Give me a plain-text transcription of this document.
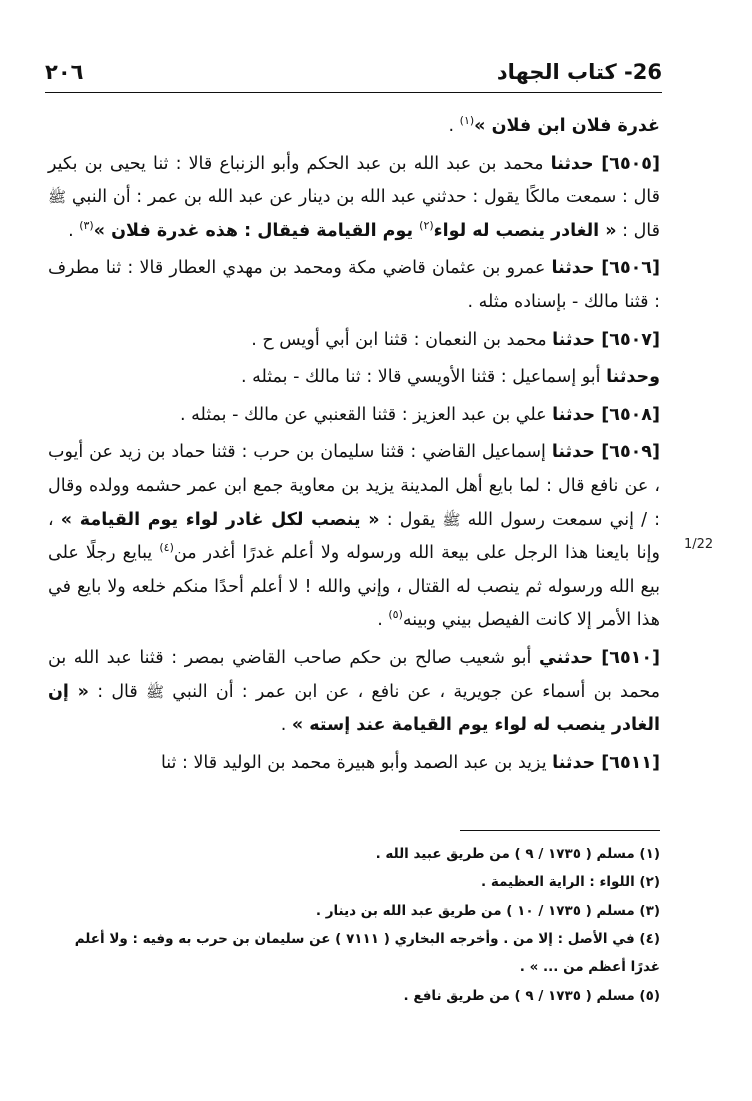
٢٠٦	26- كتاب الجهاد
1/22

غدرة فلان ابن فلان »$^{(١)}$ .

[٦٥٠٥] حدثنا محمد بن عبد الله بن عبد الحكم وأبو الزنباع قالا : ثنا يحيى بن بكير قال : سمعت مالكًا يقول : حدثني عبد الله بن دينار عن عبد الله بن عمر : أن النبي ﷺ قال : « الغادر ينصب له لواء$^{(٢)}$ يوم القيامة فيقال : هذه غدرة فلان »$^{(٣)}$ .

[٦٥٠٦] حدثنا عمرو بن عثمان قاضي مكة ومحمد بن مهدي العطار قالا : ثنا مطرف : قثنا مالك - بإسناده مثله .

[٦٥٠٧] حدثنا محمد بن النعمان : قثنا ابن أبي أويس ح .

وحدثنا أبو إسماعيل : قثنا الأويسي قالا : ثنا مالك - بمثله .

[٦٥٠٨] حدثنا علي بن عبد العزيز : قثنا القعنبي عن مالك - بمثله .

[٦٥٠٩] حدثنا إسماعيل القاضي : قثنا سليمان بن حرب : قثنا حماد بن زيد عن أيوب ، عن نافع قال : لما بايع أهل المدينة يزيد بن معاوية جمع ابن عمر حشمه وولده وقال : / إني سمعت رسول الله ﷺ يقول : « ينصب لكل غادر لواء يوم القيامة » ، وإنا بايعنا هذا الرجل على بيعة الله ورسوله ولا أعلم غدرًا أغدر من$^{(٤)}$ يبايع رجلًا على بيع الله ورسوله ثم ينصب له القتال ، وإني والله ! لا أعلم أحدًا منكم خلعه ولا بايع في هذا الأمر إلا كانت الفيصل بيني وبينه$^{(٥)}$ .

[٦٥١٠] حدثني أبو شعيب صالح بن حكم صاحب القاضي بمصر : قثنا عبد الله بن محمد بن أسماء عن جويرية ، عن نافع ، عن ابن عمر : أن النبي ﷺ قال : « إن الغادر ينصب له لواء يوم القيامة عند إسته » .

[٦٥١١] حدثنا يزيد بن عبد الصمد وأبو هبيرة محمد بن الوليد قالا : ثنا

(١) مسلم ( ١٧٣٥ / ٩ ) من طريق عبيد الله .

(٢) اللواء : الراية العظيمة .

(٣) مسلم ( ١٧٣٥ / ١٠ ) من طريق عبد الله بن دينار .

(٤) في الأصل : إلا من . وأخرجه البخاري ( ٧١١١ ) عن سليمان بن حرب به وفيه : ولا أعلم غدرًا أعظم من ... » .

(٥) مسلم ( ١٧٣٥ / ٩ ) من طريق نافع .
